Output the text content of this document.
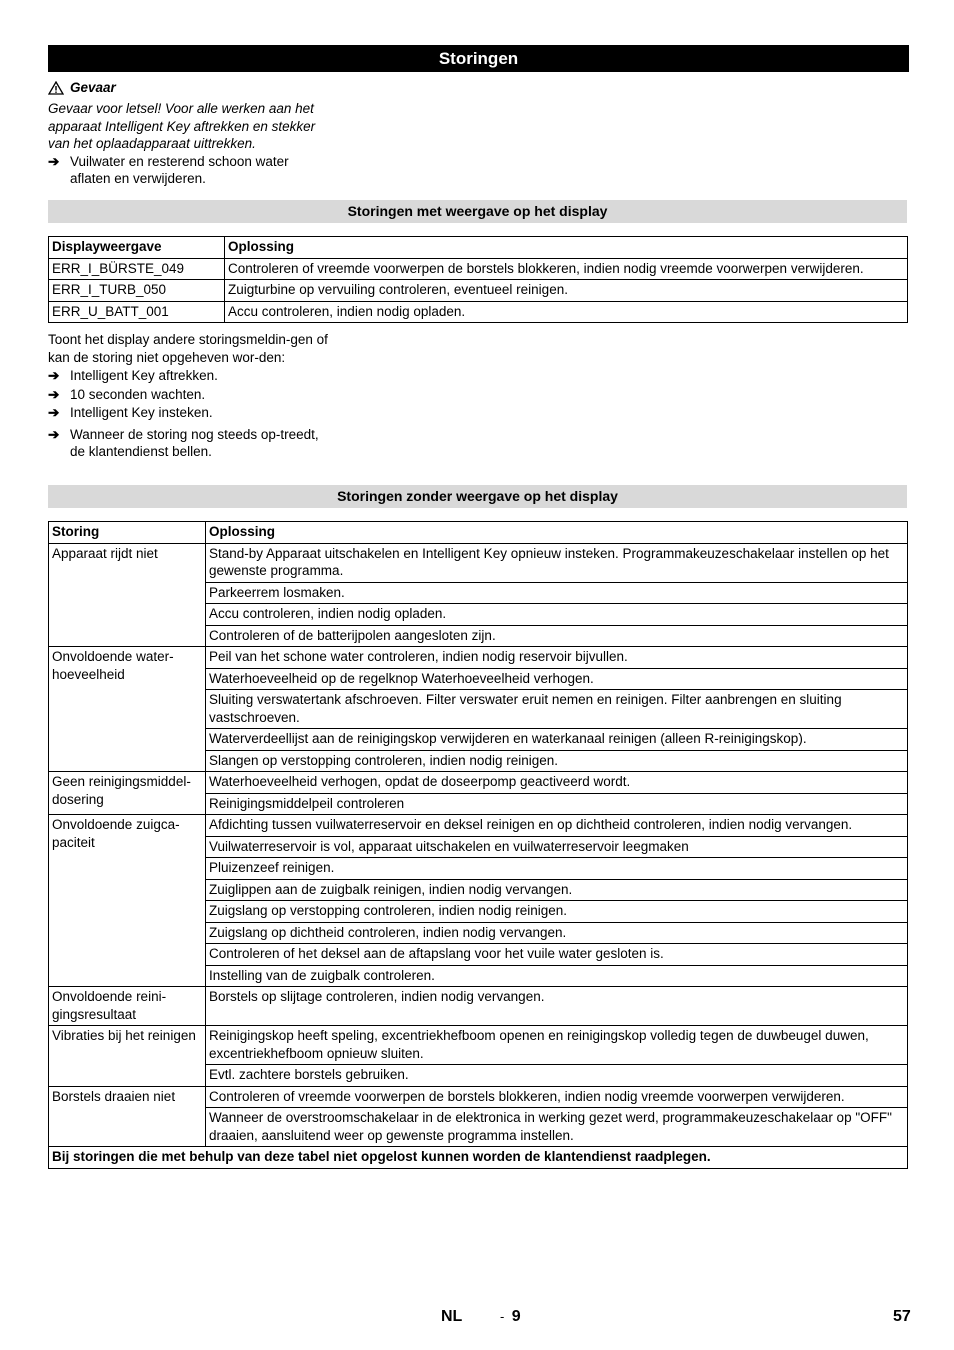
Storingen
Gevaar
Gevaar voor letsel! Voor alle werken aan het apparaat Intelligent Key aftrekken en stekker van het oplaadapparaat uittrekken.
➔ Vuilwater en resterend schoon water aflaten en verwijderen.
Storingen met weergave op het display
Displayweergave	Oplossing
ERR_I_BÜRSTE_049	Controleren of vreemde voorwerpen de borstels blokkeren, indien nodig vreemde voorwerpen verwijderen.
ERR_I_TURB_050	Zuigturbine op vervuiling controleren, eventueel reinigen.
ERR_U_BATT_001	Accu controleren, indien nodig opladen.
Toont het display andere storingsmeldin-gen of kan de storing niet opgeheven wor-den:
➔ Intelligent Key aftrekken.
➔ 10 seconden wachten.
➔ Intelligent Key insteken.
➔ Wanneer de storing nog steeds op-treedt, de klantendienst bellen.
Storingen zonder weergave op het display
Storing	Oplossing
Apparaat rijdt niet	Stand-by Apparaat uitschakelen en Intelligent Key opnieuw insteken. Programmakeuzeschakelaar instellen op het gewenste programma.
	Parkeerrem losmaken.
	Accu controleren, indien nodig opladen.
	Controleren of de batterijpolen aangesloten zijn.
Onvoldoende water-hoeveelheid	Peil van het schone water controleren, indien nodig reservoir bijvullen.
	Waterhoeveelheid op de regelknop Waterhoeveelheid verhogen.
	Sluiting verswatertank afschroeven. Filter verswater eruit nemen en reinigen. Filter aanbrengen en sluiting vastschroeven.
	Waterverdeellijst aan de reinigingskop verwijderen en waterkanaal reinigen (alleen R-reinigingskop).
	Slangen op verstopping controleren, indien nodig reinigen.
Geen reinigingsmiddel-dosering	Waterhoeveelheid verhogen, opdat de doseerpomp geactiveerd wordt.
	Reinigingsmiddelpeil controleren
Onvoldoende zuigca-paciteit	Afdichting tussen vuilwaterreservoir en deksel reinigen en op dichtheid controleren, indien nodig vervangen.
	Vuilwaterreservoir is vol, apparaat uitschakelen en vuilwaterreservoir leegmaken
	Pluizenzeef reinigen.
	Zuiglippen aan de zuigbalk reinigen, indien nodig vervangen.
	Zuigslang op verstopping controleren, indien nodig reinigen.
	Zuigslang op dichtheid controleren, indien nodig vervangen.
	Controleren of het deksel aan de aftapslang voor het vuile water gesloten is.
	Instelling van de zuigbalk controleren.
Onvoldoende reini-gingsresultaat	Borstels op slijtage controleren, indien nodig vervangen.
Vibraties bij het reinigen	Reinigingskop heeft speling, excentriekhefboom openen en reinigingskop volledig tegen de duwbeugel duwen, excentriekhefboom opnieuw sluiten.
	Evtl. zachtere borstels gebruiken.
Borstels draaien niet	Controleren of vreemde voorwerpen de borstels blokkeren, indien nodig vreemde voorwerpen verwijderen.
	Wanneer de overstroomschakelaar in de elektronica in werking gezet werd, programmakeuzeschakelaar op "OFF" draaien, aansluitend weer op gewenste programma instellen.
Bij storingen die met behulp van deze tabel niet opgelost kunnen worden de klantendienst raadplegen.	
NL	- 9	57
